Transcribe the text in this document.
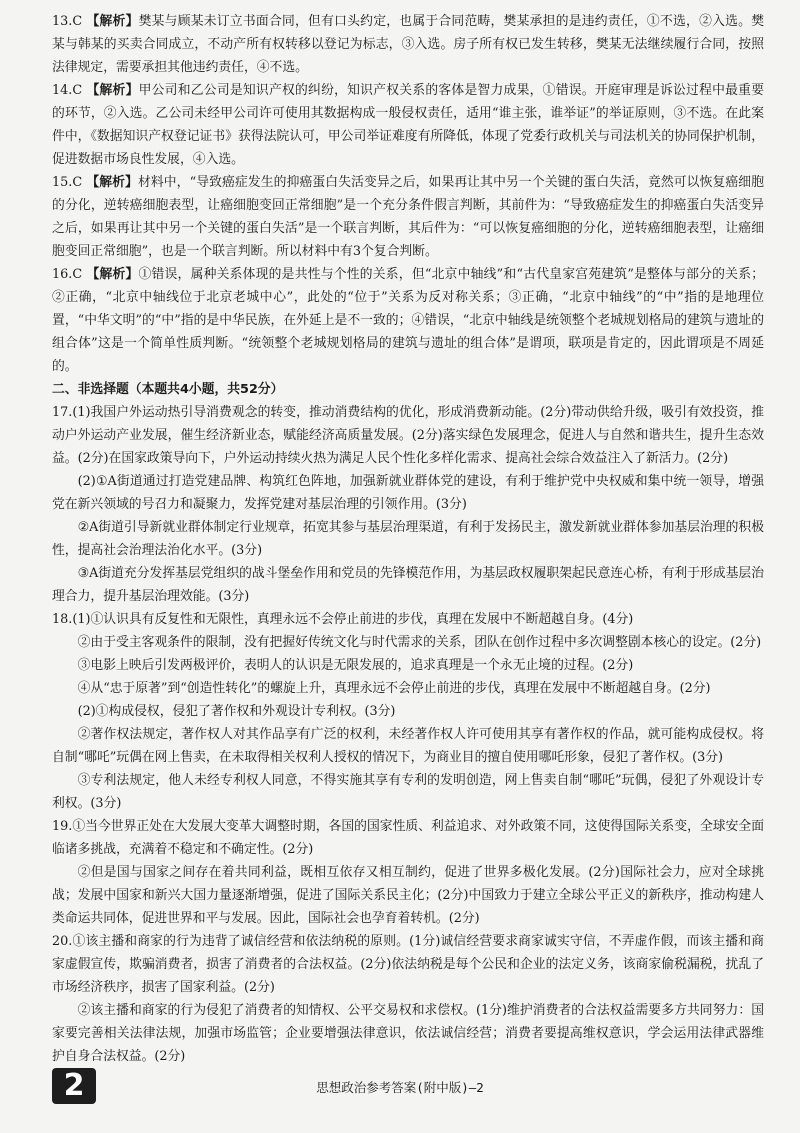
13.C 【解析】樊某与顾某未订立书面合同，但有口头约定，也属于合同范畴，樊某承担的是违约责任，①不选，②入选。樊某与韩某的买卖合同成立，不动产所有权转移以登记为标志，③入选。房子所有权已发生转移，樊某无法继续履行合同，按照法律规定，需要承担其他违约责任，④不选。

14.C 【解析】甲公司和乙公司是知识产权的纠纷，知识产权关系的客体是智力成果，①错误。开庭审理是诉讼过程中最重要的环节，②入选。乙公司未经甲公司许可使用其数据构成一般侵权责任，适用“谁主张，谁举证”的举证原则，③不选。在此案件中，《数据知识产权登记证书》获得法院认可，甲公司举证难度有所降低，体现了党委行政机关与司法机关的协同保护机制，促进数据市场良性发展，④入选。

15.C 【解析】材料中，“导致癌症发生的抑癌蛋白失活变异之后，如果再让其中另一个关键的蛋白失活，竟然可以恢复癌细胞的分化，逆转癌细胞表型，让癌细胞变回正常细胞”是一个充分条件假言判断，其前件为：“导致癌症发生的抑癌蛋白失活变异之后，如果再让其中另一个关键的蛋白失活”是一个联言判断，其后件为：“可以恢复癌细胞的分化，逆转癌细胞表型，让癌细胞变回正常细胞”，也是一个联言判断。所以材料中有3个复合判断。

16.C 【解析】①错误，属种关系体现的是共性与个性的关系，但“北京中轴线”和“古代皇家宫苑建筑”是整体与部分的关系；②正确，“北京中轴线位于北京老城中心”，此处的“位于”关系为反对称关系；③正确，“北京中轴线”的“中”指的是地理位置，“中华文明”的“中”指的是中华民族，在外延上是不一致的；④错误，“北京中轴线是统领整个老城规划格局的建筑与遗址的组合体”这是一个简单性质判断。“统领整个老城规划格局的建筑与遗址的组合体”是谓项，联项是肯定的，因此谓项是不周延的。

二、非选择题（本题共4小题，共52分）

17.(1)我国户外运动热引导消费观念的转变，推动消费结构的优化，形成消费新动能。(2分)带动供给升级，吸引有效投资，推动户外运动产业发展，催生经济新业态，赋能经济高质量发展。(2分)落实绿色发展理念，促进人与自然和谐共生，提升生态效益。(2分)在国家政策导向下，户外运动持续火热为满足人民个性化多样化需求、提高社会综合效益注入了新活力。(2分)

(2)①A街道通过打造党建品牌、构筑红色阵地，加强新就业群体党的建设，有利于维护党中央权威和集中统一领导，增强党在新兴领域的号召力和凝聚力，发挥党建对基层治理的引领作用。(3分)

②A街道引导新就业群体制定行业规章，拓宽其参与基层治理渠道，有利于发扬民主，激发新就业群体参加基层治理的积极性，提高社会治理法治化水平。(3分)

③A街道充分发挥基层党组织的战斗堡垒作用和党员的先锋模范作用，为基层政权履职架起民意连心桥，有利于形成基层治理合力，提升基层治理效能。(3分)

18.(1)①认识具有反复性和无限性，真理永远不会停止前进的步伐，真理在发展中不断超越自身。(4分)

②由于受主客观条件的限制，没有把握好传统文化与时代需求的关系，团队在创作过程中多次调整剧本核心的设定。(2分)

③电影上映后引发两极评价，表明人的认识是无限发展的，追求真理是一个永无止境的过程。(2分)

④从“忠于原著”到“创造性转化”的螺旋上升，真理永远不会停止前进的步伐，真理在发展中不断超越自身。(2分)

(2)①构成侵权，侵犯了著作权和外观设计专利权。(3分)

②著作权法规定，著作权人对其作品享有广泛的权利，未经著作权人许可使用其享有著作权的作品，就可能构成侵权。将自制“哪吒”玩偶在网上售卖，在未取得相关权利人授权的情况下，为商业目的擅自使用哪吒形象，侵犯了著作权。(3分)

③专利法规定，他人未经专利权人同意，不得实施其享有专利的发明创造，网上售卖自制“哪吒”玩偶，侵犯了外观设计专利权。(3分)

19.①当今世界正处在大发展大变革大调整时期，各国的国家性质、利益追求、对外政策不同，这使得国际关系变，全球安全面临诸多挑战，充满着不稳定和不确定性。(2分)

②但是国与国家之间存在着共同利益，既相互依存又相互制约，促进了世界多极化发展。(2分)国际社会力，应对全球挑战；发展中国家和新兴大国力量逐渐增强，促进了国际关系民主化；(2分)中国致力于建立全球公平正义的新秩序，推动构建人类命运共同体，促进世界和平与发展。因此，国际社会也孕育着转机。(2分)

20.①该主播和商家的行为违背了诚信经营和依法纳税的原则。(1分)诚信经营要求商家诚实守信，不弄虚作假，而该主播和商家虚假宣传，欺骗消费者，损害了消费者的合法权益。(2分)依法纳税是每个公民和企业的法定义务，该商家偷税漏税，扰乱了市场经济秩序，损害了国家利益。(2分)

②该主播和商家的行为侵犯了消费者的知情权、公平交易权和求偿权。(1分)维护消费者的合法权益需要多方共同努力：国家要完善相关法律法规，加强市场监管；企业要增强法律意识，依法诚信经营；消费者要提高维权意识，学会运用法律武器维护自身合法权益。(2分)

2	思想政治参考答案(附中版)—2
